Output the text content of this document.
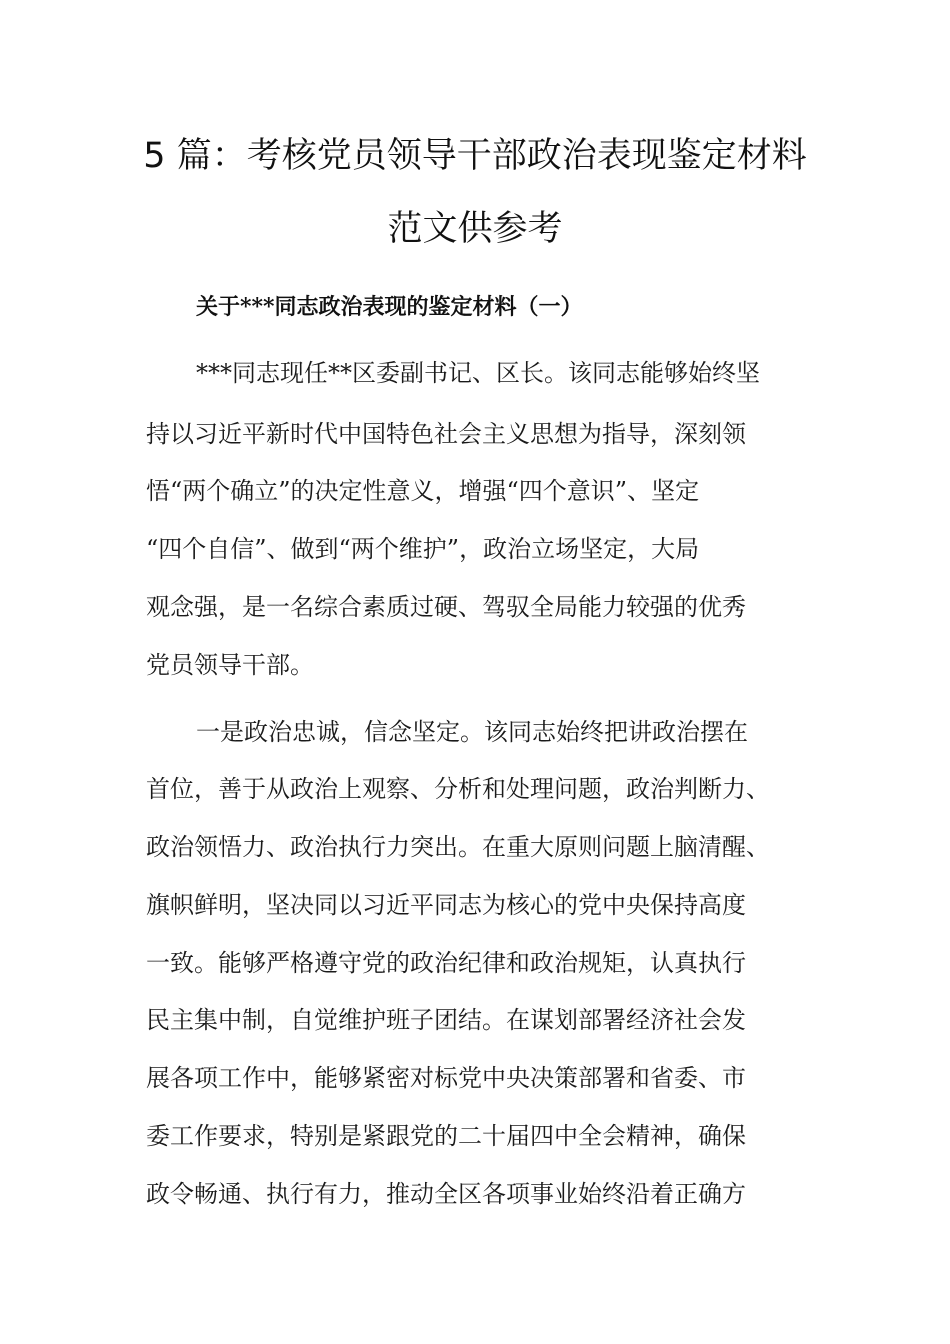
5 篇：考核党员领导干部政治表现鉴定材料
范文供参考
关于***同志政治表现的鉴定材料（一）
***同志现任**区委副书记、区长。该同志能够始终坚
持以习近平新时代中国特色社会主义思想为指导，深刻领
悟“两个确立”的决定性意义，增强“四个意识”、坚定
“四个自信”、做到“两个维护”，政治立场坚定，大局
观念强，是一名综合素质过硬、驾驭全局能力较强的优秀
党员领导干部。
一是政治忠诚，信念坚定。该同志始终把讲政治摆在
首位，善于从政治上观察、分析和处理问题，政治判断力、
政治领悟力、政治执行力突出。在重大原则问题上脑清醒、
旗帜鲜明，坚决同以习近平同志为核心的党中央保持高度
一致。能够严格遵守党的政治纪律和政治规矩，认真执行
民主集中制，自觉维护班子团结。在谋划部署经济社会发
展各项工作中，能够紧密对标党中央决策部署和省委、市
委工作要求，特别是紧跟党的二十届四中全会精神，确保
政令畅通、执行有力，推动全区各项事业始终沿着正确方
